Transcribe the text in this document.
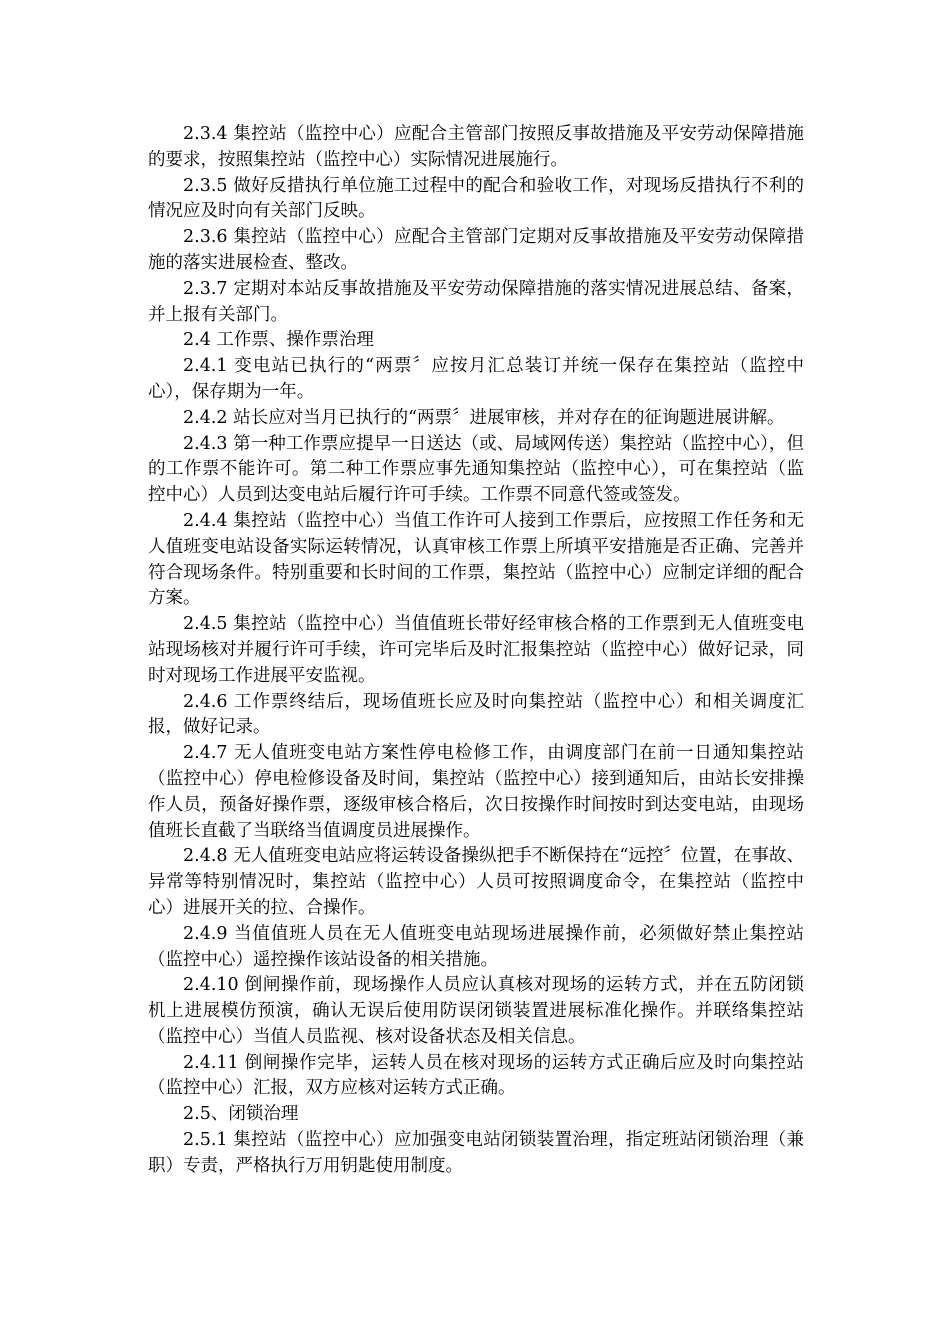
2.3.4 集控站（监控中心）应配合主管部门按照反事故措施及平安劳动保障措施的要求，按照集控站（监控中心）实际情况进展施行。

2.3.5 做好反措执行单位施工过程中的配合和验收工作，对现场反措执行不利的情况应及时向有关部门反映。

2.3.6 集控站（监控中心）应配合主管部门定期对反事故措施及平安劳动保障措施的落实进展检查、整改。

2.3.7 定期对本站反事故措施及平安劳动保障措施的落实情况进展总结、备案，并上报有关部门。

2.4 工作票、操作票治理

2.4.1 变电站已执行的“两票〞应按月汇总装订并统一保存在集控站（监控中心），保存期为一年。

2.4.2 站长应对当月已执行的“两票〞进展审核，并对存在的征询题进展讲解。

2.4.3 第一种工作票应提早一日送达（或、局域网传送）集控站（监控中心），但的工作票不能许可。第二种工作票应事先通知集控站（监控中心），可在集控站（监控中心）人员到达变电站后履行许可手续。工作票不同意代签或签发。

2.4.4 集控站（监控中心）当值工作许可人接到工作票后，应按照工作任务和无人值班变电站设备实际运转情况，认真审核工作票上所填平安措施是否正确、完善并符合现场条件。特别重要和长时间的工作票，集控站（监控中心）应制定详细的配合方案。

2.4.5 集控站（监控中心）当值值班长带好经审核合格的工作票到无人值班变电站现场核对并履行许可手续，许可完毕后及时汇报集控站（监控中心）做好记录，同时对现场工作进展平安监视。

2.4.6 工作票终结后，现场值班长应及时向集控站（监控中心）和相关调度汇报，做好记录。

2.4.7 无人值班变电站方案性停电检修工作，由调度部门在前一日通知集控站（监控中心）停电检修设备及时间，集控站（监控中心）接到通知后，由站长安排操作人员，预备好操作票，逐级审核合格后，次日按操作时间按时到达变电站，由现场值班长直截了当联络当值调度员进展操作。

2.4.8 无人值班变电站应将运转设备操纵把手不断保持在“远控〞位置，在事故、异常等特别情况时，集控站（监控中心）人员可按照调度命令，在集控站（监控中心）进展开关的拉、合操作。

2.4.9 当值值班人员在无人值班变电站现场进展操作前，必须做好禁止集控站（监控中心）遥控操作该站设备的相关措施。

2.4.10 倒闸操作前，现场操作人员应认真核对现场的运转方式，并在五防闭锁机上进展模仿预演，确认无误后使用防误闭锁装置进展标准化操作。并联络集控站（监控中心）当值人员监视、核对设备状态及相关信息。

2.4.11 倒闸操作完毕，运转人员在核对现场的运转方式正确后应及时向集控站（监控中心）汇报，双方应核对运转方式正确。

2.5、闭锁治理

2.5.1 集控站（监控中心）应加强变电站闭锁装置治理，指定班站闭锁治理（兼职）专责，严格执行万用钥匙使用制度。
